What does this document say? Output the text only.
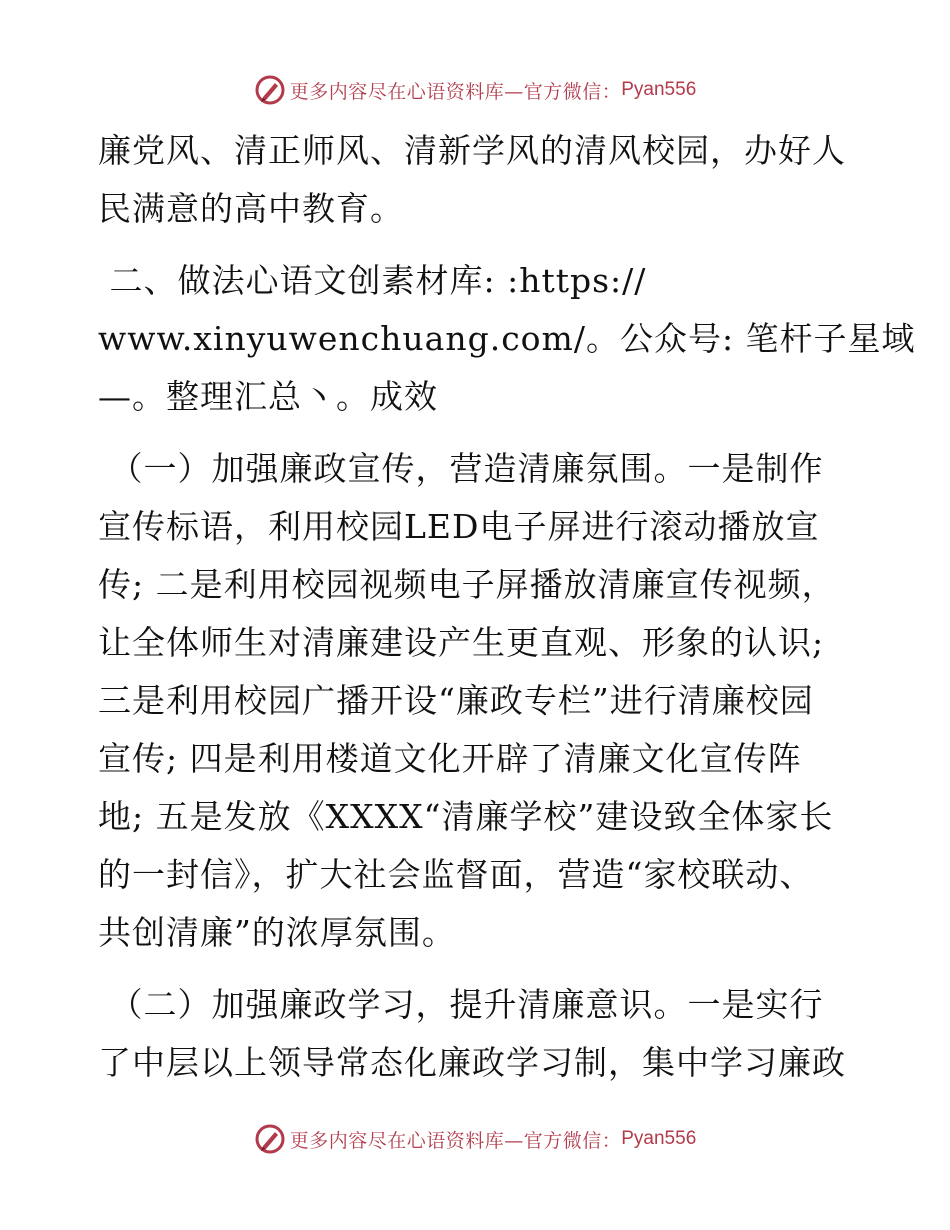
更多内容尽在心语资料库—官方微信： Pyan556
廉党风、清正师风、清新学风的清风校园，办好人
民满意的高中教育。
二、做法心语文创素材库: :https://
www.xinyuwenchuang.com/。公众号: 笔杆子星域
—。整理汇总丶。成效
（一）加强廉政宣传，营造清廉氛围。一是制作
宣传标语，利用校园LED电子屏进行滚动播放宣
传; 二是利用校园视频电子屏播放清廉宣传视频，
让全体师生对清廉建设产生更直观、形象的认识;
三是利用校园广播开设“廉政专栏”进行清廉校园
宣传; 四是利用楼道文化开辟了清廉文化宣传阵
地; 五是发放《XXXX“清廉学校”建设致全体家长
的一封信》，扩大社会监督面，营造“家校联动、
共创清廉”的浓厚氛围。
（二）加强廉政学习，提升清廉意识。一是实行
了中层以上领导常态化廉政学习制，集中学习廉政
更多内容尽在心语资料库—官方微信： Pyan556
